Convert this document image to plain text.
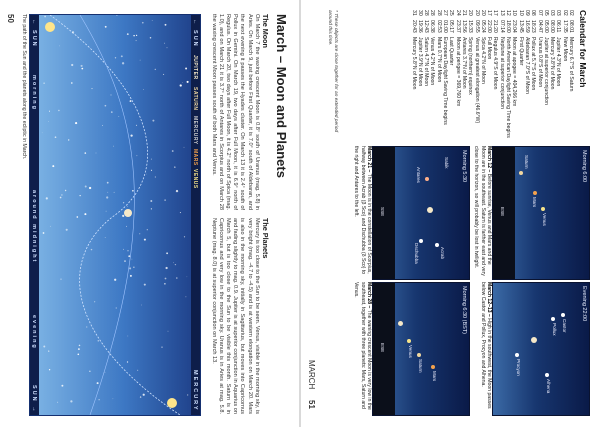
50	March – Moon and Planets
The Moon
On March 7 the waxing crescent Moon is 0.8° south of Uranus (mag. 5.8) in Aries. On March 9, just before First Quarter, it is 7.0° south of Aldebaran, and the next evening it passes the Hyades cluster. On March 13 it is 2.4° south of Pollux in Gemini. On March 19, two days after Full Moon, it is 6.9° north of Regulus. On March 20, two days after Full Moon, it is 4.2° north of Spica (mag. 1.0), and on March 21 it is 3.7° north of Antares in Scorpius and on March 28 the waxing crescent Moon passes south of both Mars and Venus.
The Planets
Mercury is too close to the Sun to be seen. Venus, visible in the morning sky, is very bright (mag. -4.7 to -4.5) and is at western elongation on March 20. Mars is also in the morning sky, initially in Sagittarius, but moves into Capricornus and fading slightly to mag. 0.9. Jupiter is at superior conjunction in Aquarius on March 5, but is too close to the Sun to be visible this month. Saturn is in Capricornus and very low in the morning sky. Uranus is in Aries at mag. 5.8. Neptune (mag. 8.0) is at superior conjunction on March 13.
← SUN
JUPITER
SATURN
MERCURY
MARS
VENUS
MERCURY
← SUN
morning
around midnight
evening
SUN →
The path of the Sun and the planets along the ecliptic in March.	Calendar for March
02	08:01	Mercury 6.7°S of Saturn
02	17:35	New Moon
03	06:11	Jupiter 4.3°N of Moon
03	08:00	Mercury 3.8°N of Moon
05	05:00	Jupiter at superior conjunction
07	04:47	Uranus 0.8°S of Moon
08	18:23	Pollux at 5.7°S of Moon
09	16:59	Aldebaran 7.0°S of Moon
10	13:45	First Quarter
10	23:04	Moon at apogee = 404,266 km
12	18:00	North American Daylight Saving Time begins
13	07:14	Neptune at superior conjunction
17	21:20	Regulus 4.9°S of Moon
17	22:00	Full Moon
20	05:24	Spica 4.2°N of Moon
20	09:55	Venus at greatest elongation (46.6°W)
20	15:33	Spring (northern) equinox
21	13:56	Antares 3.7°N of Moon
24	23:37	Moon at perigee = 369,760 km
25	05:17	Last Quarter
27	01:00	European Daylight Saving Time begins
28	02:53	Mars 0.7°N of Moon
28	06:38	Venus 4.2°N of Moon
28	12:43	Saturn 4.7°N of Moon
30	19:36	Jupiter 3.9°N of Moon
31	20:43	Mercury 5.8°N of Moon
* These objects are close together for an extended period around this time.
Morning 6:00
Venus
Mars
Saturn
ESE
March 12 – Before sunrise, Venus and Mars and the Moon are in the southeast. Saturn is farther east and very close to the horizon, so will probably be lost in twilight.
Evening 22:00
Castor
Pollux
Alhena
Procyon
March 12–13 – High in the southwest, the Moon passes below Castor and Pollux, Procyon and Alhena.
Morning 5:30
Antares
Acrab
Dschubba
Sabik
SSE
March 21 – The Moon is in the constellation of Scorpius, halfway between Acrab (β Sco) and Dschubba (δ Sco) to the right and Antares to the left.
Morning 6:30 (BST)
Mars
Saturn
Venus
ESE
March 28 – The waning crescent Moon is very low in the southeast, together with three planets: Mars, Saturn and Venus.
MARCH
51
